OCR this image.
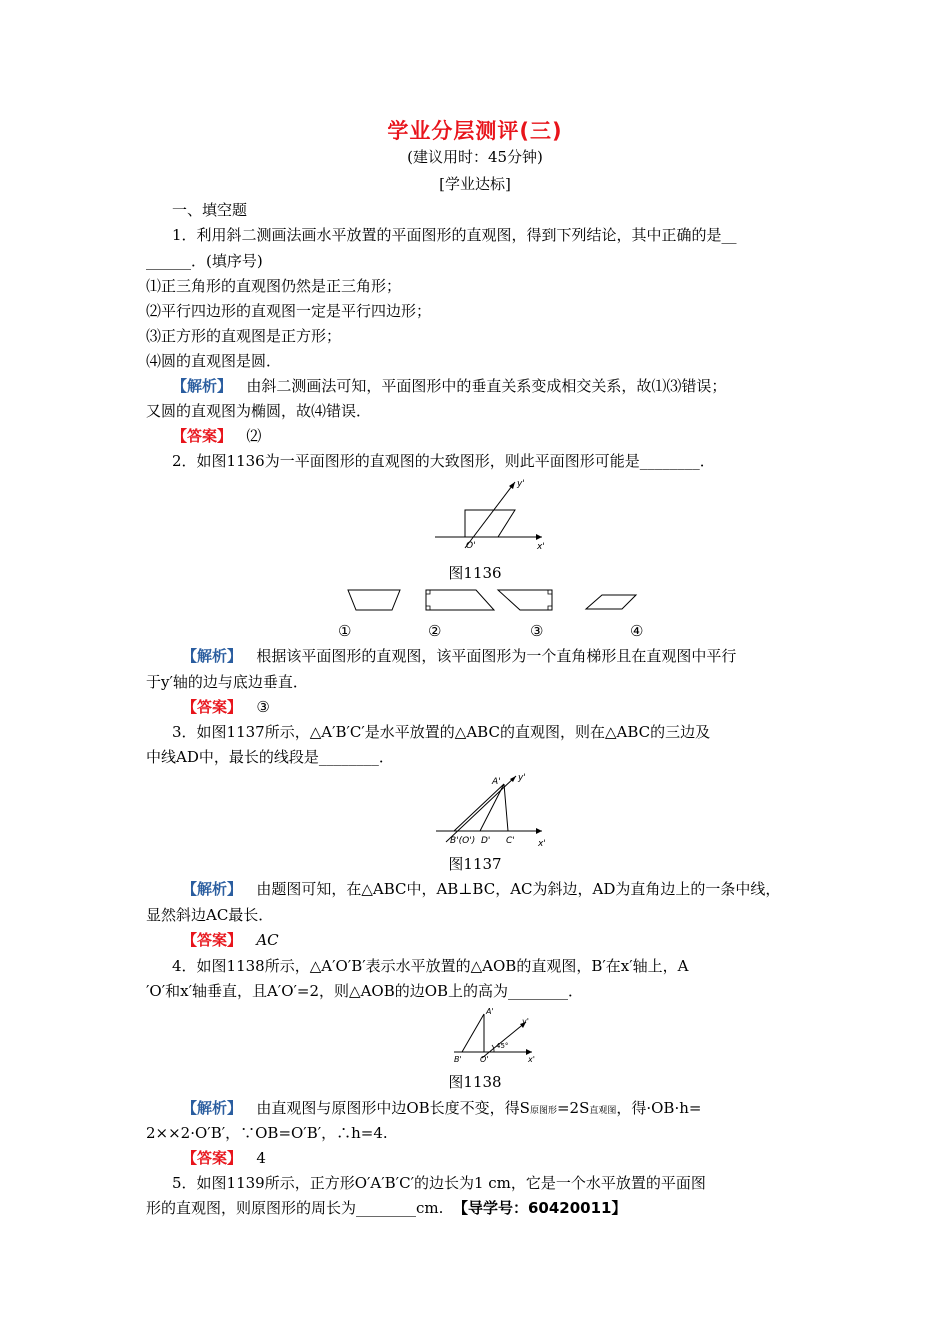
学业分层测评(三)
(建议用时：45分钟)
[学业达标]
一、填空题
1．利用斜二测画法画水平放置的平面图形的直观图，得到下列结论，其中正确的是__
______．(填序号)
⑴正三角形的直观图仍然是正三角形；
⑵平行四边形的直观图一定是平行四边形；
⑶正方形的直观图是正方形；
⑷圆的直观图是圆．
【解析】 由斜二测画法可知，平面图形中的垂直关系变成相交关系，故⑴⑶错误；
又圆的直观图为椭圆，故⑷错误．
【答案】 ⑵
2．如图1136为一平面图形的直观图的大致图形，则此平面图形可能是________．
y'
x'
O'
图1136
①	②	③	④
【解析】 根据该平面图形的直观图，该平面图形为一个直角梯形且在直观图中平行
于y′轴的边与底边垂直．
【答案】 ③
3．如图1137所示，△A′B′C′是水平放置的△ABC的直观图，则在△ABC的三边及
中线AD中，最长的线段是________．
A' y'
x'
B'(O') D' C'
图1137
【解析】 由题图可知，在△ABC中，AB⊥BC，AC为斜边，AD为直角边上的一条中线，
显然斜边AC最长．
【答案】 AC
4．如图1138所示，△A′O′B′表示水平放置的△AOB的直观图，B′在x′轴上，A
′O′和x′轴垂直，且A′O′=2，则△AOB的边OB上的高为________．
A'
y'
x'
B' O'
45°
图1138
【解析】 由直观图与原图形中边OB长度不变，得S原图形=2S直观图，得·OB·h=
2××2·O′B′，∵OB=O′B′，∴h=4.
【答案】 4
5．如图1139所示，正方形O′A′B′C′的边长为1 cm，它是一个水平放置的平面图
形的直观图，则原图形的周长为________cm. 【导学号：60420011】
